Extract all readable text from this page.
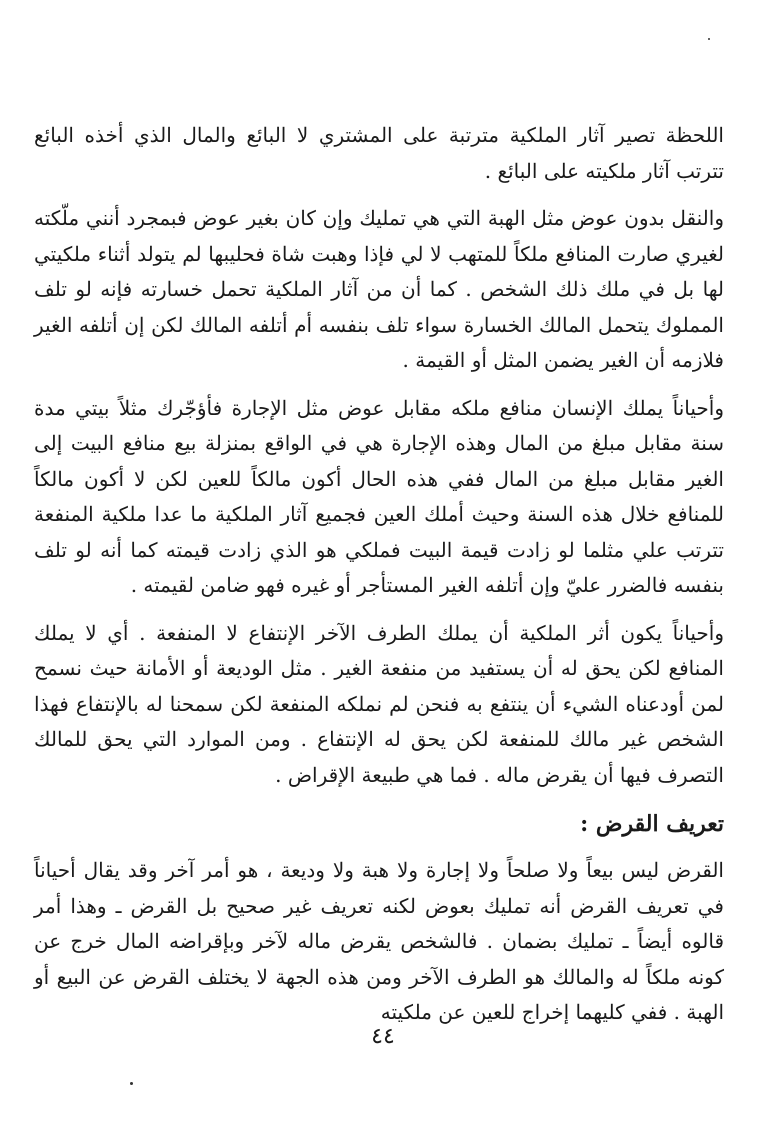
اللحظة تصير آثار الملكية مترتبة على المشتري لا البائع والمال الذي أخذه البائع تترتب آثار ملكيته على البائع .

والنقل بدون عوض مثل الهبة التي هي تمليك وإن كان بغير عوض فبمجرد أنني ملّكته لغيري صارت المنافع ملكاً للمتهب لا لي فإذا وهبت شاة فحليبها لم يتولد أثناء ملكيتي لها بل في ملك ذلك الشخص . كما أن من آثار الملكية تحمل خسارته فإنه لو تلف المملوك يتحمل المالك الخسارة سواء تلف بنفسه أم أتلفه المالك لكن إن أتلفه الغير فلازمه أن الغير يضمن المثل أو القيمة .

وأحياناً يملك الإنسان منافع ملكه مقابل عوض مثل الإجارة فأؤجّرك مثلاً بيتي مدة سنة مقابل مبلغ من المال وهذه الإجارة هي في الواقع بمنزلة بيع منافع البيت إلى الغير مقابل مبلغ من المال ففي هذه الحال أكون مالكاً للعين لكن لا أكون مالكاً للمنافع خلال هذه السنة وحيث أملك العين فجميع آثار الملكية ما عدا ملكية المنفعة تترتب علي مثلما لو زادت قيمة البيت فملكي هو الذي زادت قيمته كما أنه لو تلف بنفسه فالضرر عليّ وإن أتلفه الغير المستأجر أو غيره فهو ضامن لقيمته .

وأحياناً يكون أثر الملكية أن يملك الطرف الآخر الإنتفاع لا المنفعة . أي لا يملك المنافع لكن يحق له أن يستفيد من منفعة الغير . مثل الوديعة أو الأمانة حيث نسمح لمن أودعناه الشيء أن ينتفع به فنحن لم نملكه المنفعة لكن سمحنا له بالإنتفاع فهذا الشخص غير مالك للمنفعة لكن يحق له الإنتفاع . ومن الموارد التي يحق للمالك التصرف فيها أن يقرض ماله . فما هي طبيعة الإقراض .

تعريف القرض :

القرض ليس بيعاً ولا صلحاً ولا إجارة ولا هبة ولا وديعة ، هو أمر آخر وقد يقال أحياناً في تعريف القرض أنه تمليك بعوض لكنه تعريف غير صحيح بل القرض ـ وهذا أمر قالوه أيضاً ـ تمليك بضمان . فالشخص يقرض ماله لآخر وبإقراضه المال خرج عن كونه ملكاً له والمالك هو الطرف الآخر ومن هذه الجهة لا يختلف القرض عن البيع أو الهبة . ففي كليهما إخراج للعين عن ملكيته

٤٤
